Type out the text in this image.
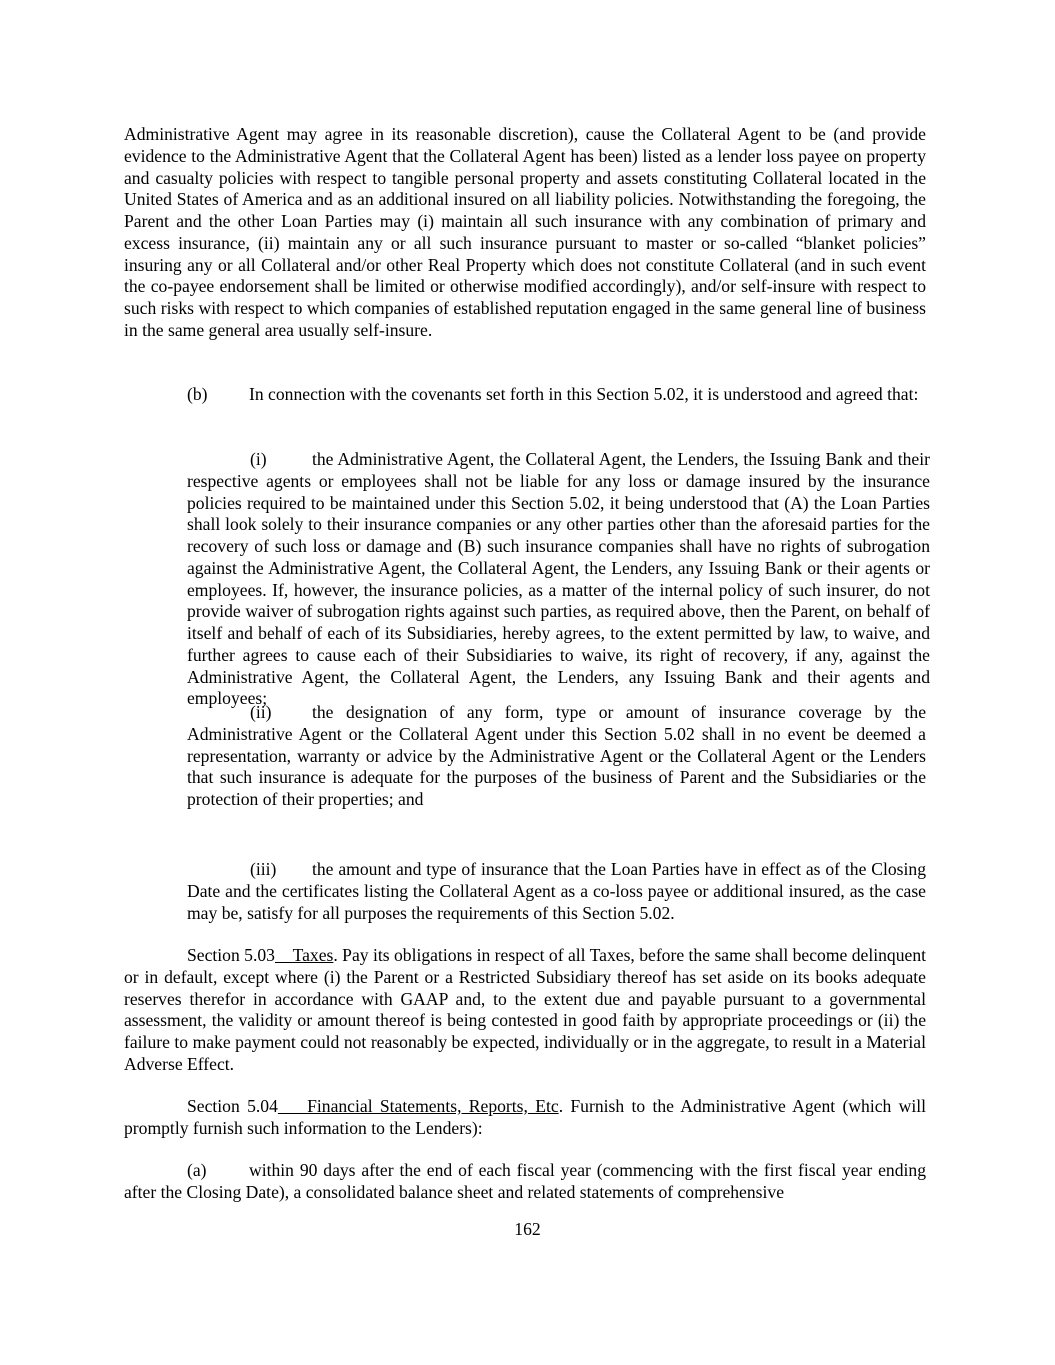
Administrative Agent may agree in its reasonable discretion), cause the Collateral Agent to be (and provide evidence to the Administrative Agent that the Collateral Agent has been) listed as a lender loss payee on property and casualty policies with respect to tangible personal property and assets constituting Collateral located in the United States of America and as an additional insured on all liability policies. Notwithstanding the foregoing, the Parent and the other Loan Parties may (i) maintain all such insurance with any combination of primary and excess insurance, (ii) maintain any or all such insurance pursuant to master or so-called “blanket policies” insuring any or all Collateral and/or other Real Property which does not constitute Collateral (and in such event the co-payee endorsement shall be limited or otherwise modified accordingly), and/or self-insure with respect to such risks with respect to which companies of established reputation engaged in the same general line of business in the same general area usually self-insure.

(b) In connection with the covenants set forth in this Section 5.02, it is understood and agreed that:

(i)	the Administrative Agent, the Collateral Agent, the Lenders, the Issuing Bank and their respective agents or employees shall not be liable for any loss or damage insured by the insurance policies required to be maintained under this Section 5.02, it being understood that (A) the Loan Parties shall look solely to their insurance companies or any other parties other than the aforesaid parties for the recovery of such loss or damage and (B) such insurance companies shall have no rights of subrogation against the Administrative Agent, the Collateral Agent, the Lenders, any Issuing Bank or their agents or employees. If, however, the insurance policies, as a matter of the internal policy of such insurer, do not provide waiver of subrogation rights against such parties, as required above, then the Parent, on behalf of itself and behalf of each of its Subsidiaries, hereby agrees, to the extent permitted by law, to waive, and further agrees to cause each of their Subsidiaries to waive, its right of recovery, if any, against the Administrative Agent, the Collateral Agent, the Lenders, any Issuing Bank and their agents and employees;

(ii) the designation of any form, type or amount of insurance coverage by the Administrative Agent or the Collateral Agent under this Section 5.02 shall in no event be deemed a representation, warranty or advice by the Administrative Agent or the Collateral Agent or the Lenders that such insurance is adequate for the purposes of the business of Parent and the Subsidiaries or the protection of their properties; and

(iii) the amount and type of insurance that the Loan Parties have in effect as of the Closing Date and the certificates listing the Collateral Agent as a co-loss payee or additional insured, as the case may be, satisfy for all purposes the requirements of this Section 5.02.

Section 5.03 Taxes. Pay its obligations in respect of all Taxes, before the same shall become delinquent or in default, except where (i) the Parent or a Restricted Subsidiary thereof has set aside on its books adequate reserves therefor in accordance with GAAP and, to the extent due and payable pursuant to a governmental assessment, the validity or amount thereof is being contested in good faith by appropriate proceedings or (ii) the failure to make payment could not reasonably be expected, individually or in the aggregate, to result in a Material Adverse Effect.

Section 5.04 Financial Statements, Reports, Etc. Furnish to the Administrative Agent (which will promptly furnish such information to the Lenders):

(a) within 90 days after the end of each fiscal year (commencing with the first fiscal year ending after the Closing Date), a consolidated balance sheet and related statements of comprehensive

162
